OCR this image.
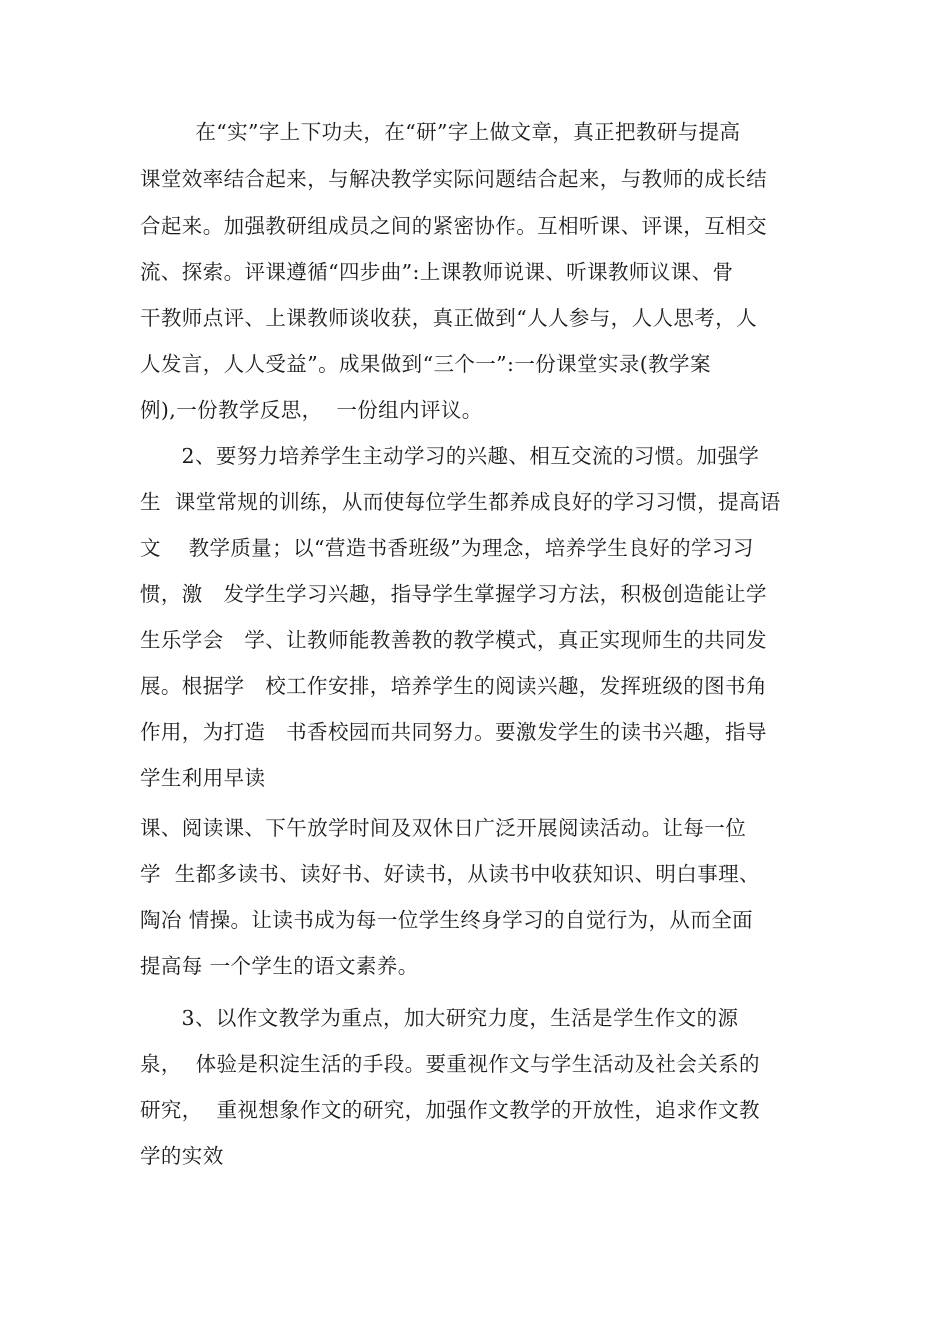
在“实”字上下功夫，在“研”字上做文章，真正把教研与提高
课堂效率结合起来，与解决教学实际问题结合起来，与教师的成长结
合起来。加强教研组成员之间的紧密协作。互相听课、评课，互相交
流、探索。评课遵循“四步曲”:上课教师说课、听课教师议课、骨
干教师点评、上课教师谈收获，真正做到“人人参与，人人思考，人
人发言，人人受益”。成果做到“三个一”:一份课堂实录(教学案
例),一份教学反思，  一份组内评议。
2、要努力培养学生主动学习的兴趣、相互交流的习惯。加强学
生  课堂常规的训练，从而使每位学生都养成良好的学习习惯，提高语
文    教学质量；以“营造书香班级”为理念，培养学生良好的学习习
惯，激   发学生学习兴趣，指导学生掌握学习方法，积极创造能让学
生乐学会   学、让教师能教善教的教学模式，真正实现师生的共同发
展。根据学   校工作安排，培养学生的阅读兴趣，发挥班级的图书角
作用，为打造   书香校园而共同努力。要激发学生的读书兴趣，指导
学生利用早读
课、阅读课、下午放学时间及双休日广泛开展阅读活动。让每一位
学  生都多读书、读好书、好读书，从读书中收获知识、明白事理、
陶冶 情操。让读书成为每一位学生终身学习的自觉行为，从而全面
提高每 一个学生的语文素养。
3、以作文教学为重点，加大研究力度，生活是学生作文的源
泉，  体验是积淀生活的手段。要重视作文与学生活动及社会关系的
研究，  重视想象作文的研究，加强作文教学的开放性，追求作文教
学的实效
